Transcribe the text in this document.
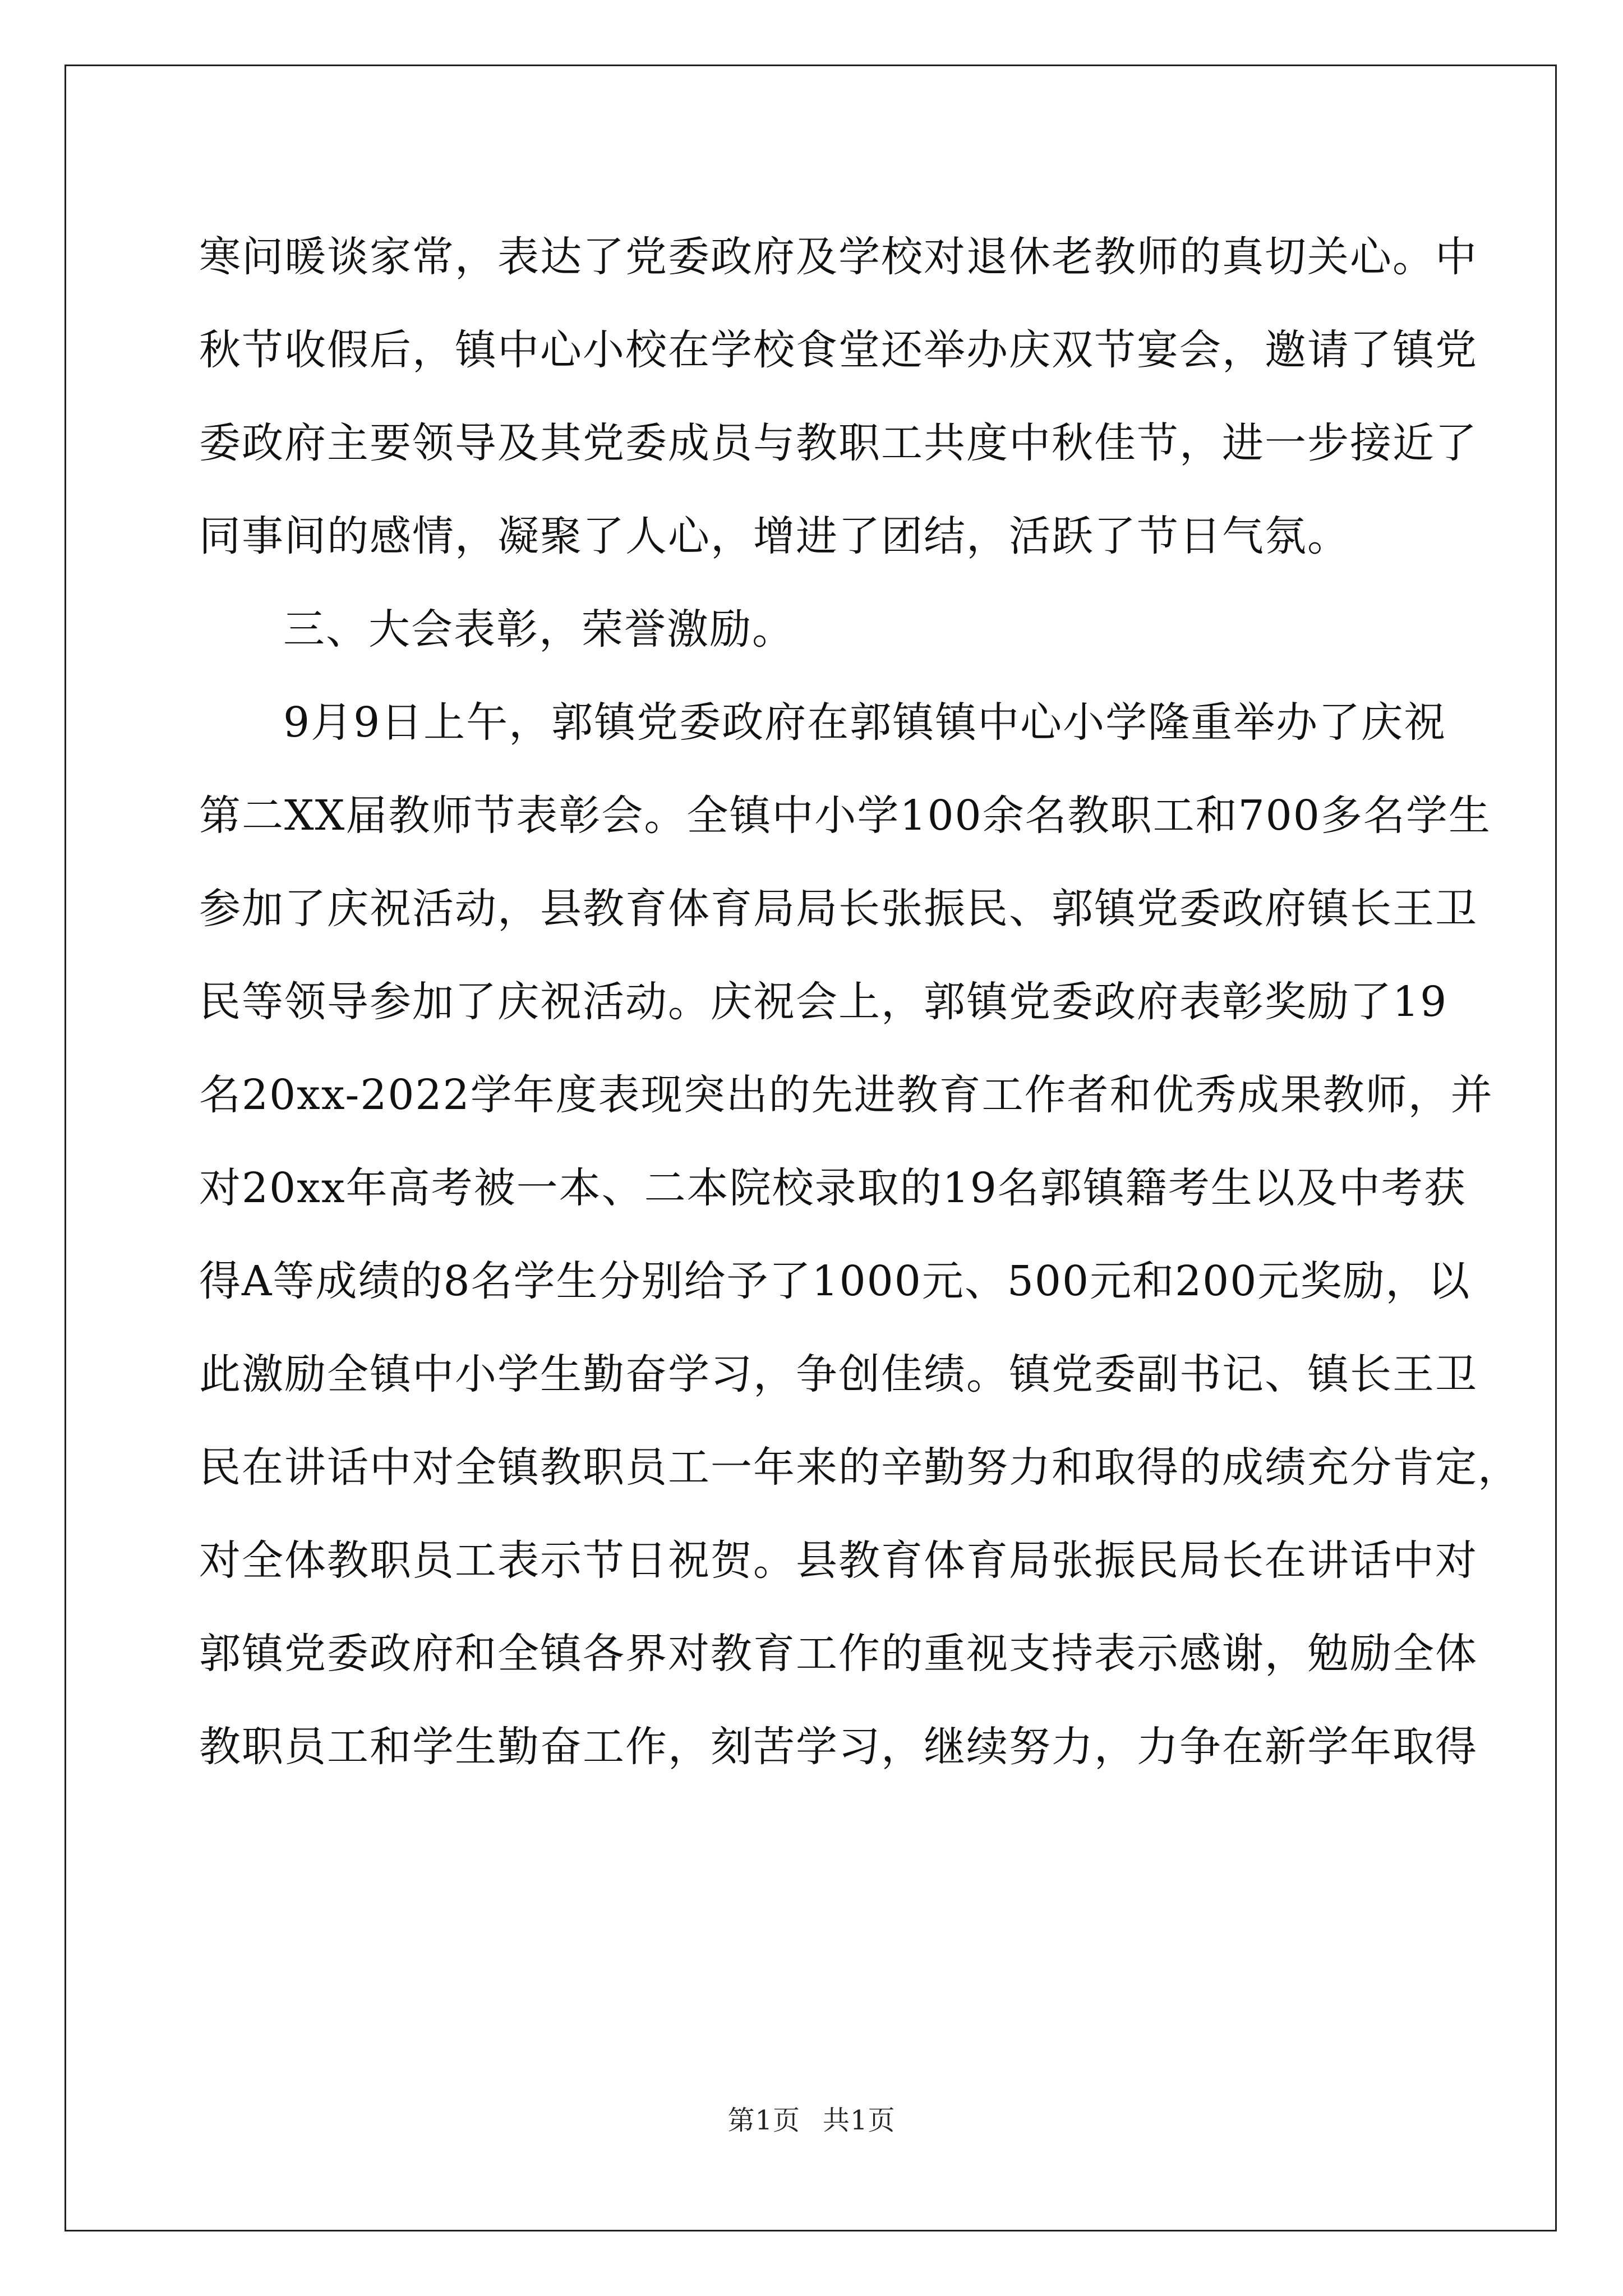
寒问暖谈家常，表达了党委政府及学校对退休老教师的真切关心。中
秋节收假后，镇中心小校在学校食堂还举办庆双节宴会，邀请了镇党
委政府主要领导及其党委成员与教职工共度中秋佳节，进一步接近了
同事间的感情，凝聚了人心，增进了团结，活跃了节日气氛。
三、大会表彰，荣誉激励。
9月9日上午，郭镇党委政府在郭镇镇中心小学隆重举办了庆祝
第二XX届教师节表彰会。全镇中小学100余名教职工和700多名学生
参加了庆祝活动，县教育体育局局长张振民、郭镇党委政府镇长王卫
民等领导参加了庆祝活动。庆祝会上，郭镇党委政府表彰奖励了19
名20xx-2022学年度表现突出的先进教育工作者和优秀成果教师，并
对20xx年高考被一本、二本院校录取的19名郭镇籍考生以及中考获
得A等成绩的8名学生分别给予了1000元、500元和200元奖励，以
此激励全镇中小学生勤奋学习，争创佳绩。镇党委副书记、镇长王卫
民在讲话中对全镇教职员工一年来的辛勤努力和取得的成绩充分肯定，
对全体教职员工表示节日祝贺。县教育体育局张振民局长在讲话中对
郭镇党委政府和全镇各界对教育工作的重视支持表示感谢，勉励全体
教职员工和学生勤奋工作，刻苦学习，继续努力，力争在新学年取得
第1页 共1页
